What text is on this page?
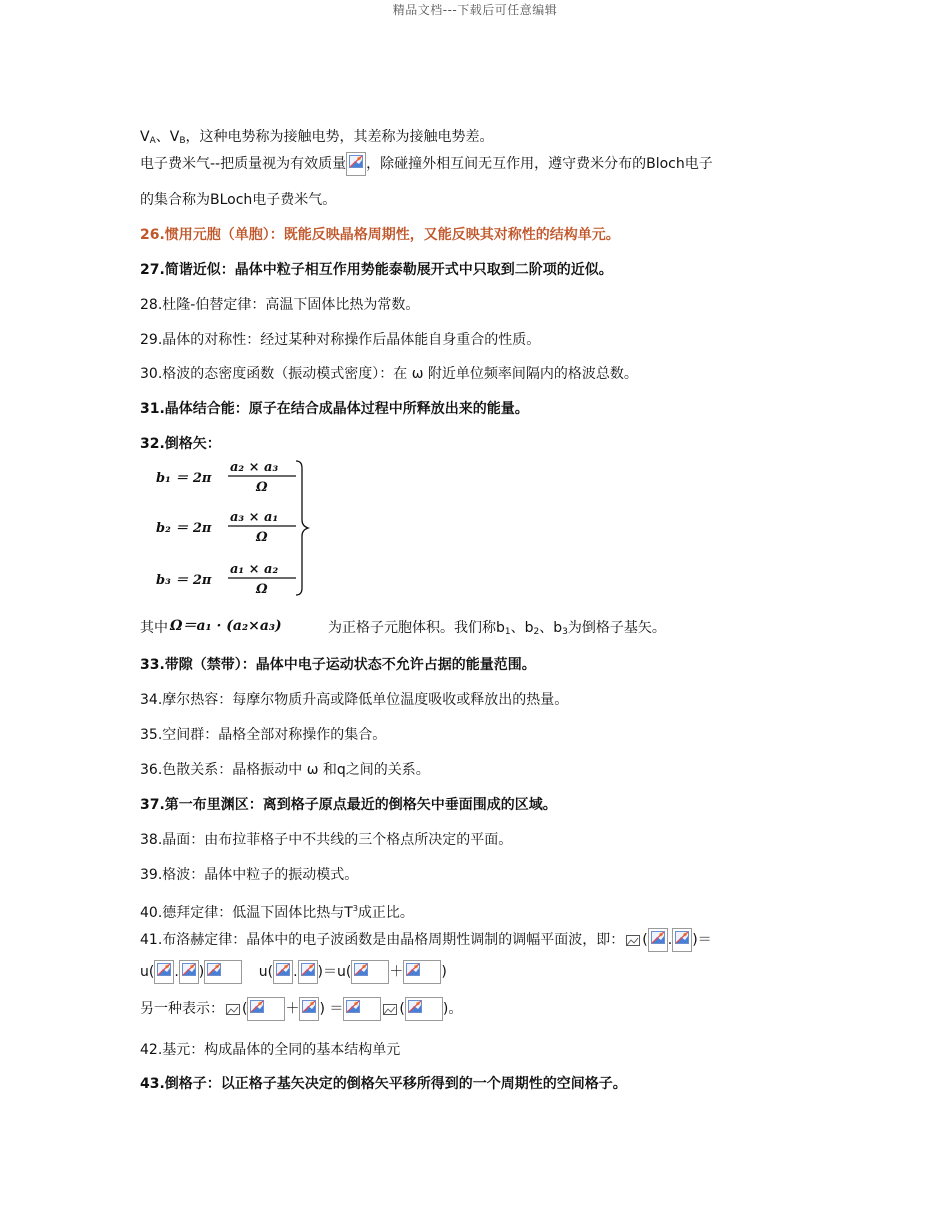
精品文档---下载后可任意编辑
$V_A$、$V_B$，这种电势称为接触电势，其差称为接触电势差。
电子费米气--把质量视为有效质量 ，除碰撞外相互间无互作用，遵守费米分布的Bloch电子
的集合称为BLoch电子费米气。
26.惯用元胞（单胞）：既能反映晶格周期性，又能反映其对称性的结构单元。
27.简谐近似：晶体中粒子相互作用势能泰勒展开式中只取到二阶项的近似。
28.杜隆-伯替定律：高温下固体比热为常数。
29.晶体的对称性：经过某种对称操作后晶体能自身重合的性质。
30.格波的态密度函数（振动模式密度）：在 ω 附近单位频率间隔内的格波总数。
31.晶体结合能：原子在结合成晶体过程中所释放出来的能量。
32.倒格矢：
b₁ ＝ 2π
a₂ × a₃
Ω
b₂ ＝ 2π
a₃ × a₁
Ω
b₃ ＝ 2π
a₁ × a₂
Ω
其中 Ω＝a₁ · (a₂×a₃)	为正格子元胞体积。我们称$b_1$、$b_2$、$b_3$为倒格子基矢。
33.带隙（禁带）：晶体中电子运动状态不允许占据的能量范围。
34.摩尔热容：每摩尔物质升高或降低单位温度吸收或释放出的热量。
35.空间群：晶格全部对称操作的集合。
36.色散关系：晶格振动中 ω 和q之间的关系。
37.第一布里渊区：离到格子原点最近的倒格矢中垂面围成的区域。
38.晶面：由布拉菲格子中不共线的三个格点所决定的平面。
39.格波：晶体中粒子的振动模式。
40.德拜定律：低温下固体比热与$T^3$成正比。
41.布洛赫定律：晶体中的电子波函数是由晶格周期性调制的调幅平面波，即： ( . )＝
u( . )	u( . )＝u(	＋	)
另一种表示： (	＋ ) ＝	(	)。
42.基元：构成晶体的全同的基本结构单元
43.倒格子：以正格子基矢决定的倒格矢平移所得到的一个周期性的空间格子。
